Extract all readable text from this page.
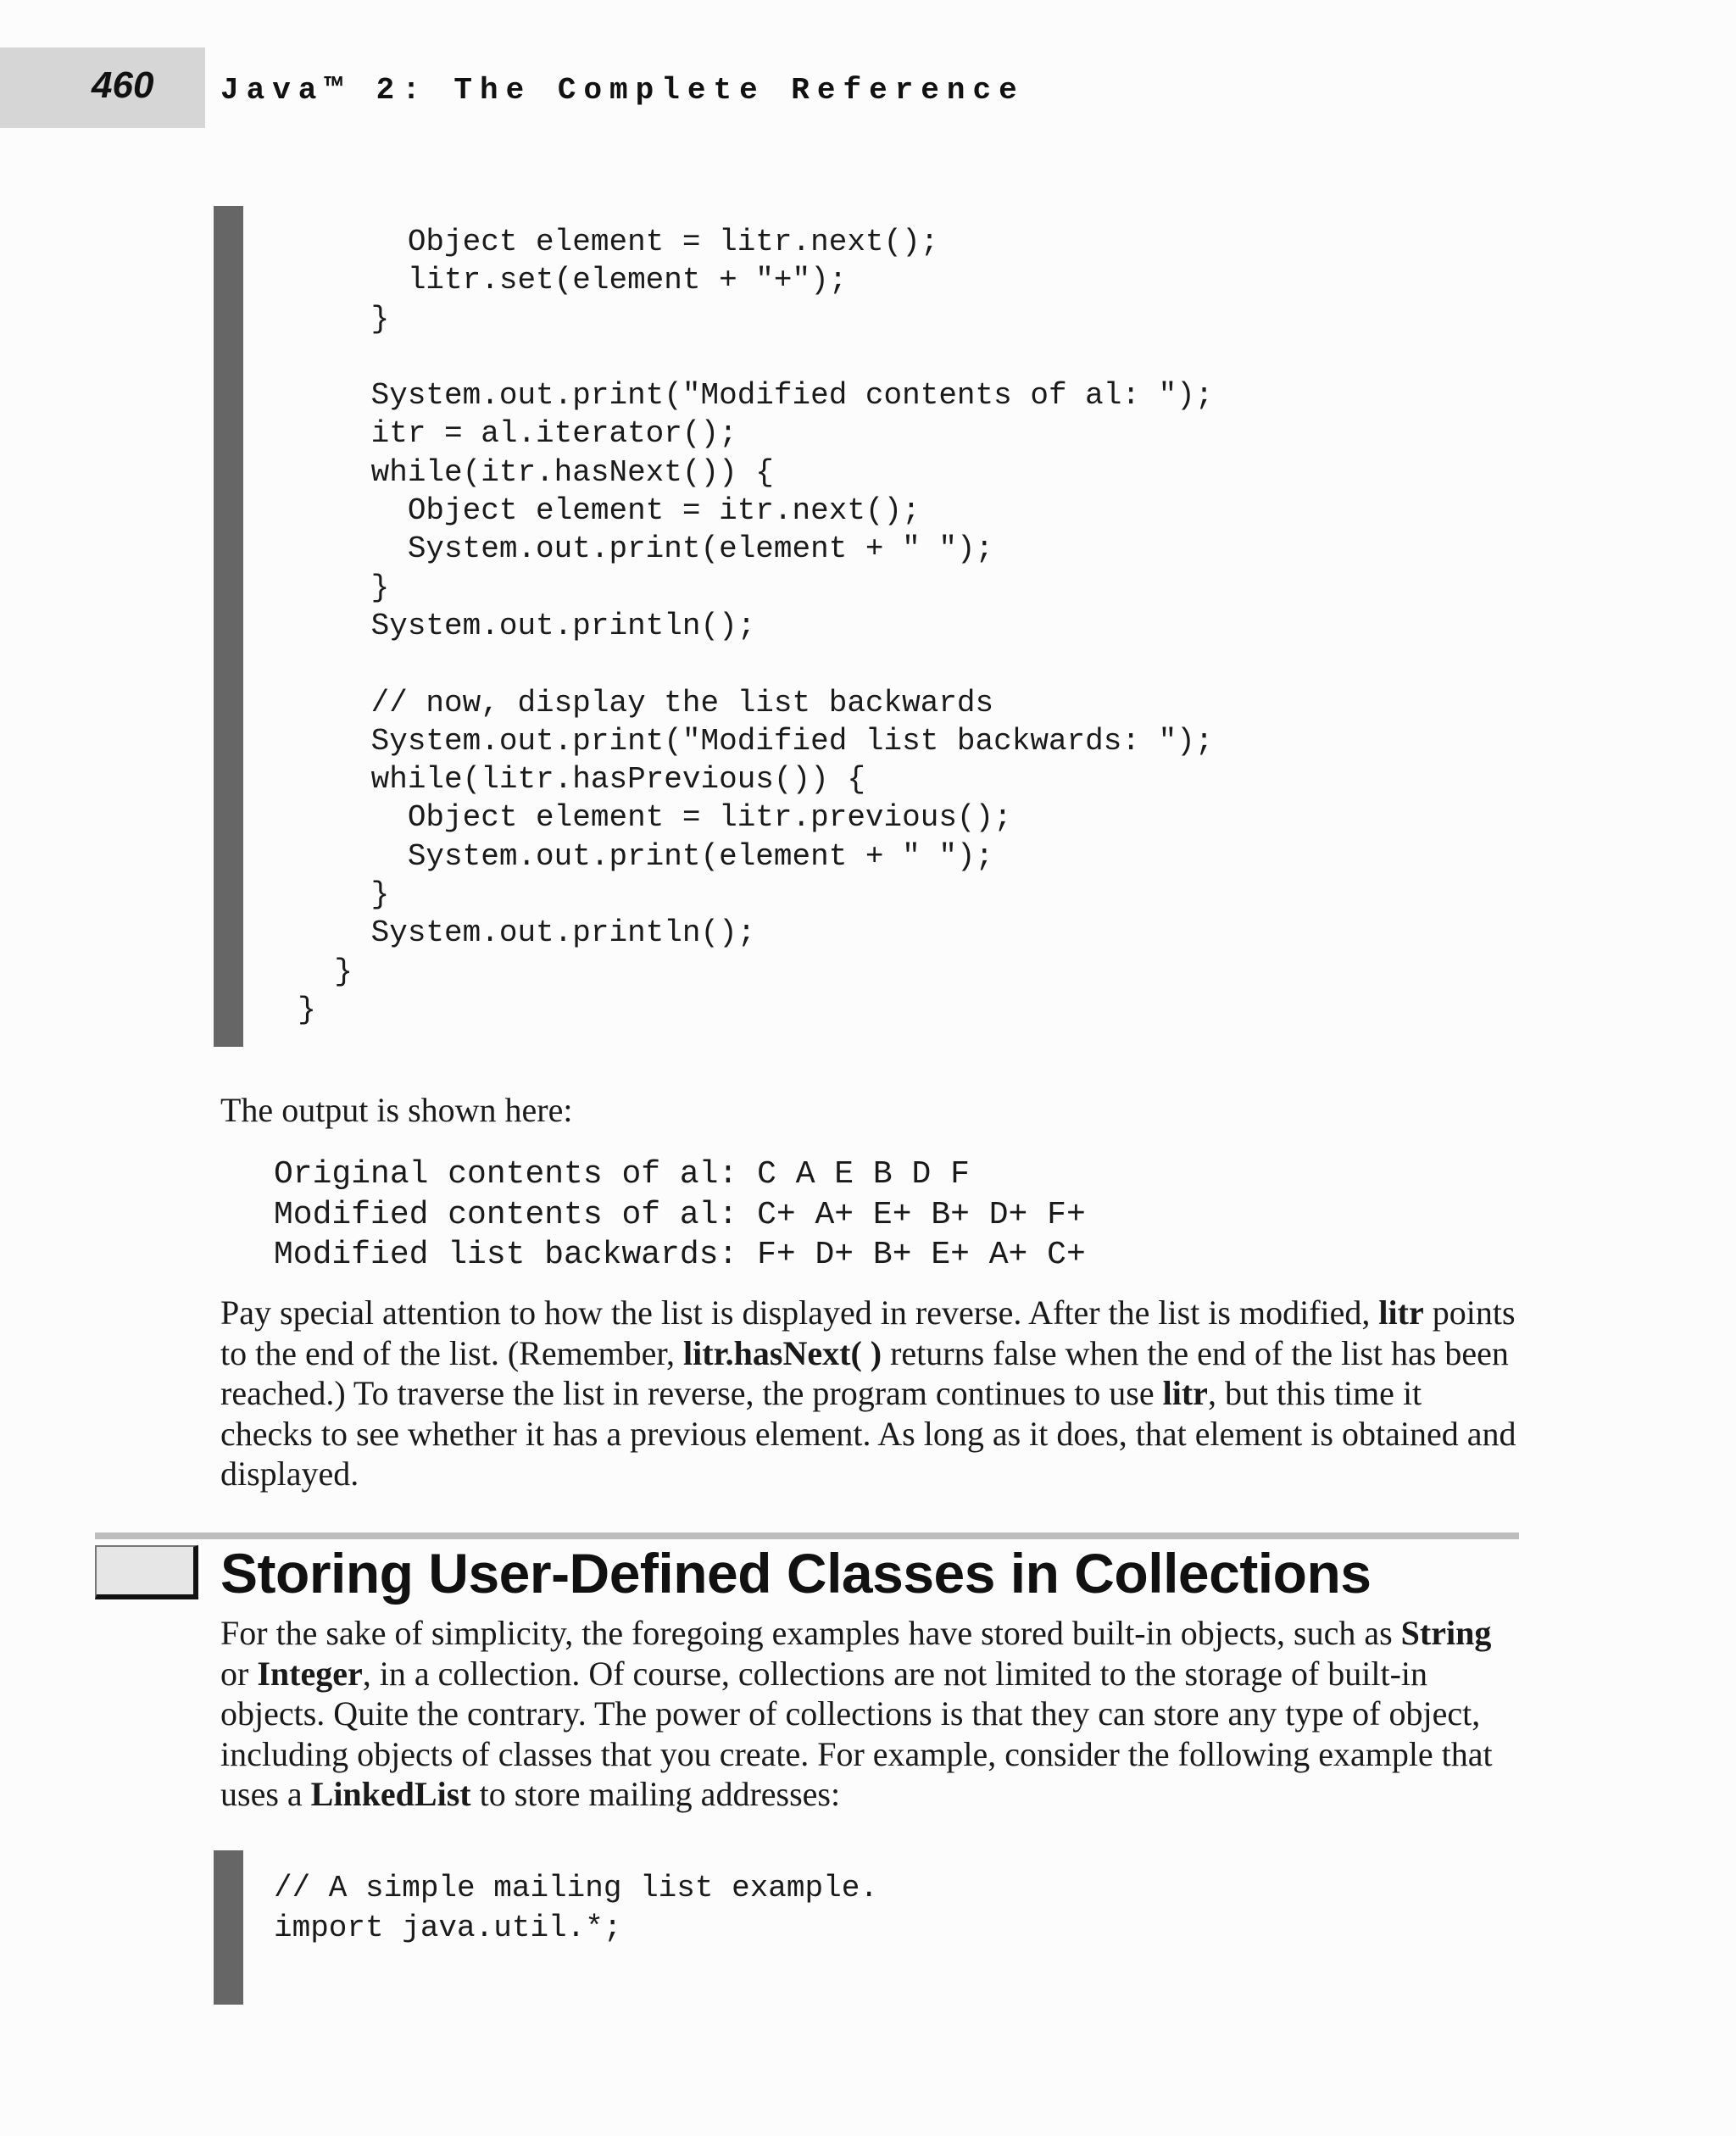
460 Java™ 2: The Complete Reference
Object element = litr.next();
litr.set(element + "+");
}

System.out.print("Modified contents of al: ");
itr = al.iterator();
while(itr.hasNext()) {
Object element = itr.next();
System.out.print(element + " ");
}
System.out.println();

// now, display the list backwards
System.out.print("Modified list backwards: ");
while(litr.hasPrevious()) {
Object element = litr.previous();
System.out.print(element + " ");
}
System.out.println();
}
}

The output is shown here:

Original contents of al: C A E B D F
Modified contents of al: C+ A+ E+ B+ D+ F+
Modified list backwards: F+ D+ B+ E+ A+ C+

Pay special attention to how the list is displayed in reverse. After the list is modified, litr points to the end of the list. (Remember, litr.hasNext( ) returns false when the end of the list has been reached.) To traverse the list in reverse, the program continues to use litr, but this time it checks to see whether it has a previous element. As long as it does, that element is obtained and displayed.

Storing User-Defined Classes in Collections

For the sake of simplicity, the foregoing examples have stored built-in objects, such as String or Integer, in a collection. Of course, collections are not limited to the storage of built-in objects. Quite the contrary. The power of collections is that they can store any type of object, including objects of classes that you create. For example, consider the following example that uses a LinkedList to store mailing addresses:

// A simple mailing list example.
import java.util.*;
